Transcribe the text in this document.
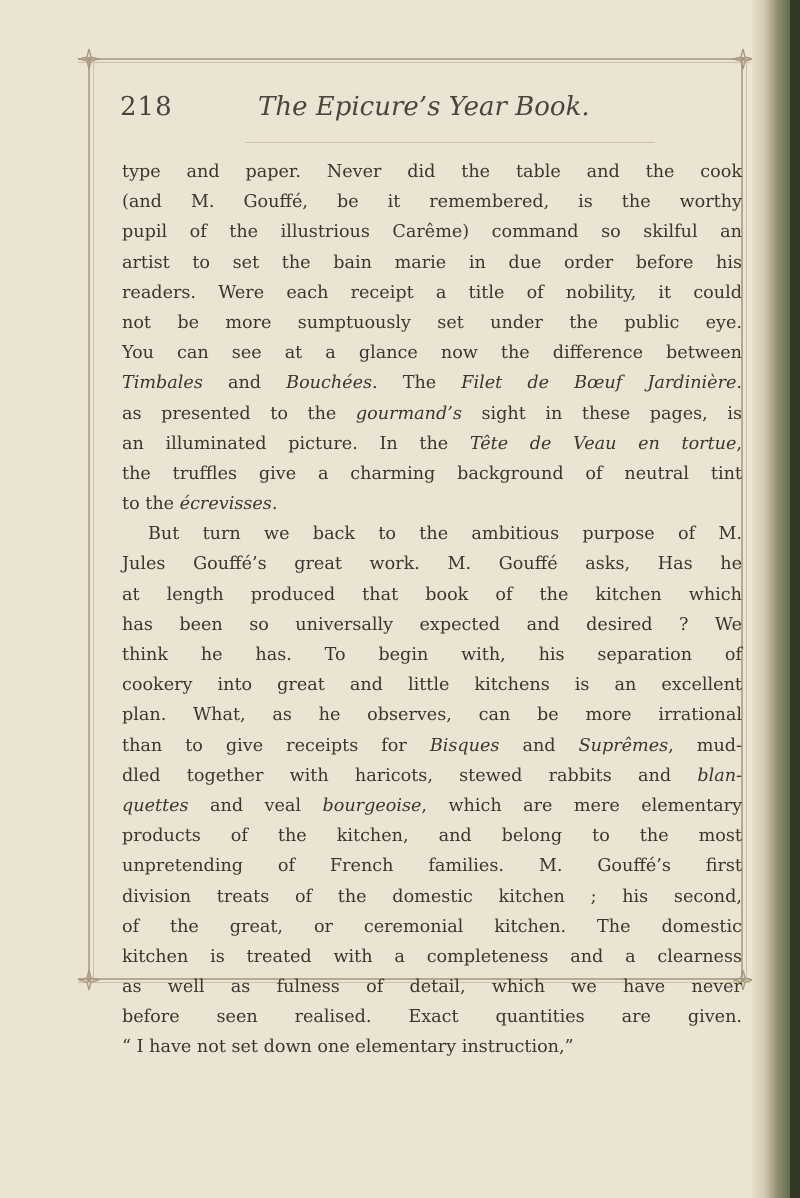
218	The Epicure’s Year Book.
type and paper. Never did the table and the cook
(and M. Gouffé, be it remembered, is the worthy
pupil of the illustrious Carême) command so skilful an
artist to set the bain marie in due order before his
readers. Were each receipt a title of nobility, it could
not be more sumptuously set under the public eye.
You can see at a glance now the difference between
Timbales and Bouchées. The Filet de Bœuf Jardinière.
as presented to the gourmand’s sight in these pages, is
an illuminated picture. In the Tête de Veau en tortue,
the truffles give a charming background of neutral tint
to the écrevisses.
But turn we back to the ambitious purpose of M.
Jules Gouffé’s great work. M. Gouffé asks, Has he
at length produced that book of the kitchen which
has been so universally expected and desired ? We
think he has. To begin with, his separation of
cookery into great and little kitchens is an excellent
plan. What, as he observes, can be more irrational
than to give receipts for Bisques and Suprêmes, mud-
dled together with haricots, stewed rabbits and blan-
quettes and veal bourgeoise, which are mere elementary
products of the kitchen, and belong to the most
unpretending of French families. M. Gouffé’s first
division treats of the domestic kitchen ; his second,
of the great, or ceremonial kitchen. The domestic
kitchen is treated with a completeness and a clearness
as well as fulness of detail, which we have never
before seen realised. Exact quantities are given.
“ I have not set down one elementary instruction,”
